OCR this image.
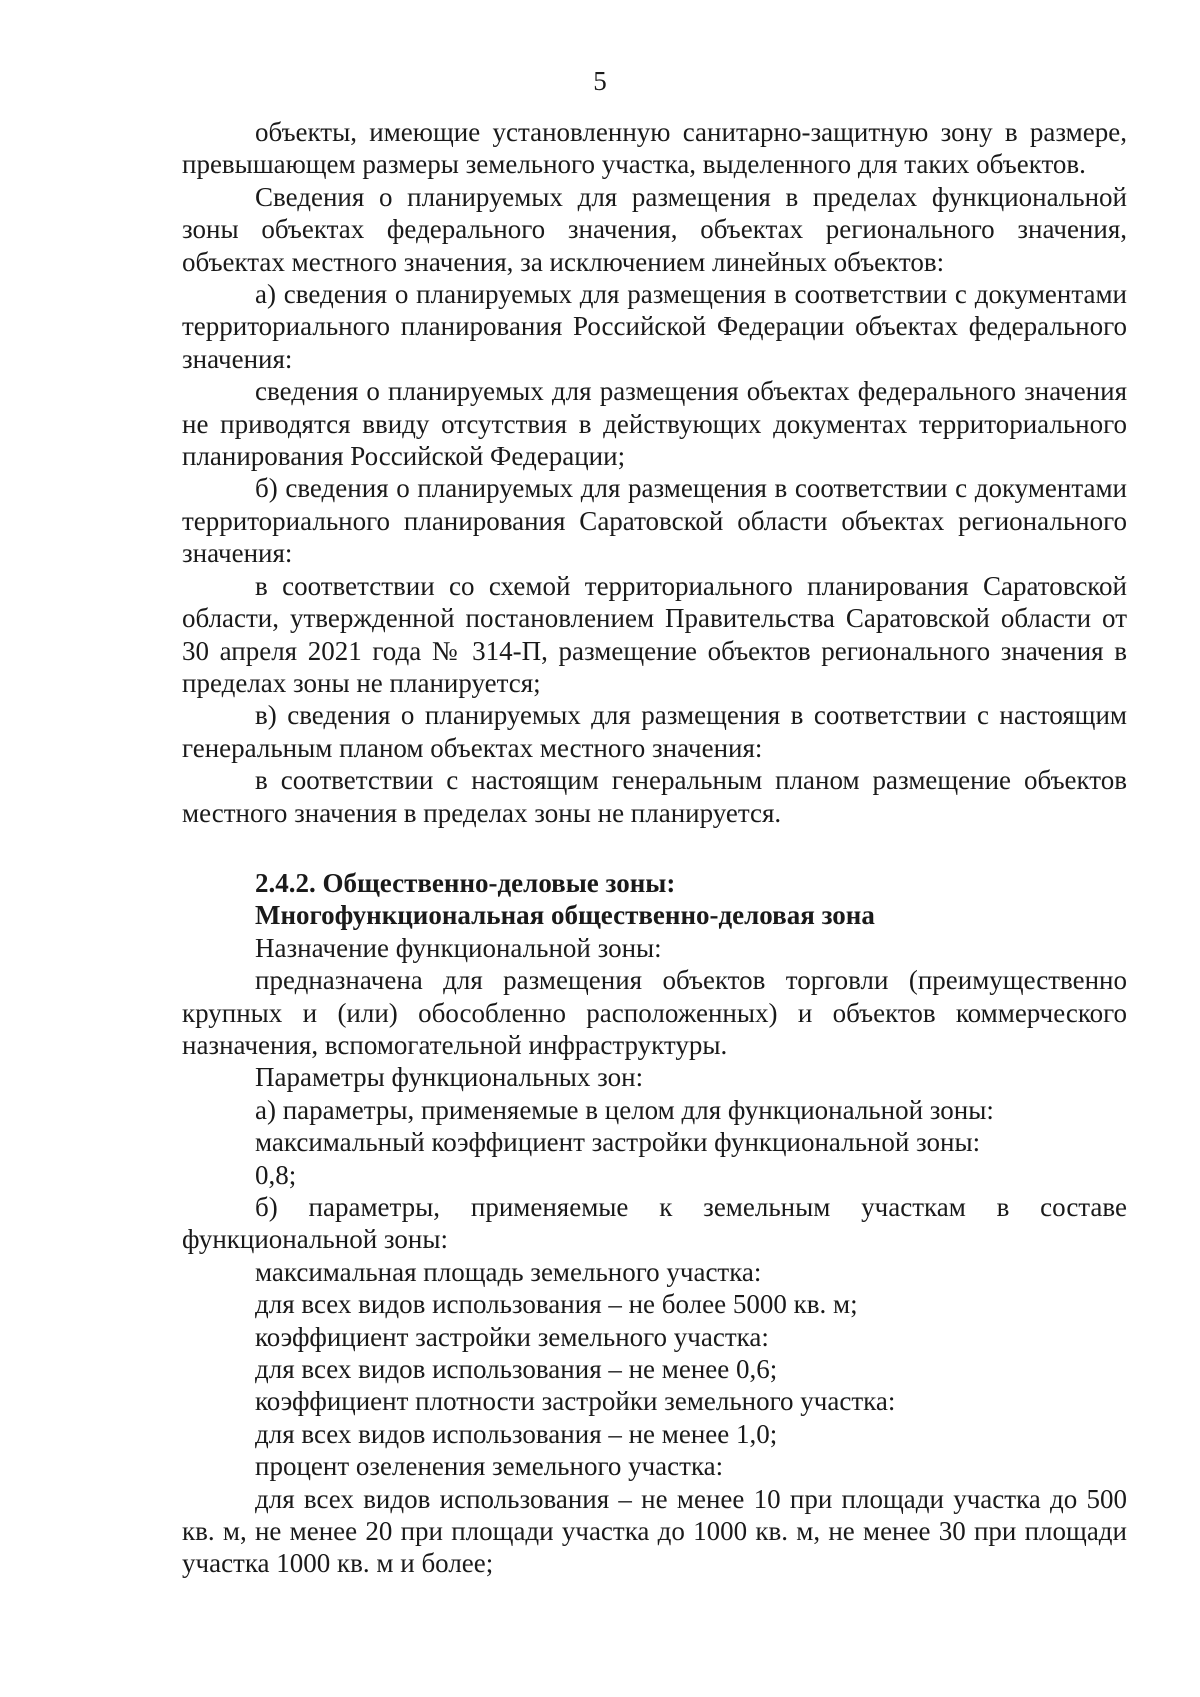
5

объекты, имеющие установленную санитарно-защитную зону в размере, превышающем размеры земельного участка, выделенного для таких объектов.

Сведения о планируемых для размещения в пределах функциональной зоны объектах федерального значения, объектах регионального значения, объектах местного значения, за исключением линейных объектов:

а) сведения о планируемых для размещения в соответствии с документами территориального планирования Российской Федерации объектах федерального значения:

сведения о планируемых для размещения объектах федерального значения не приводятся ввиду отсутствия в действующих документах территориального планирования Российской Федерации;

б) сведения о планируемых для размещения в соответствии с документами территориального планирования Саратовской области объектах регионального значения:

в соответствии со схемой территориального планирования Саратовской области, утвержденной постановлением Правительства Саратовской области от 30 апреля 2021 года № 314-П, размещение объектов регионального значения в пределах зоны не планируется;

в) сведения о планируемых для размещения в соответствии с настоящим генеральным планом объектах местного значения:

в соответствии с настоящим генеральным планом размещение объектов местного значения в пределах зоны не планируется.

2.4.2. Общественно-деловые зоны:

Многофункциональная общественно-деловая зона

Назначение функциональной зоны:

предназначена для размещения объектов торговли (преимущественно крупных и (или) обособленно расположенных) и объектов коммерческого назначения, вспомогательной инфраструктуры.

Параметры функциональных зон:

а) параметры, применяемые в целом для функциональной зоны:

максимальный коэффициент застройки функциональной зоны:

0,8;

б) параметры, применяемые к земельным участкам в составе функциональной зоны:

максимальная площадь земельного участка:

для всех видов использования – не более 5000 кв. м;

коэффициент застройки земельного участка:

для всех видов использования – не менее 0,6;

коэффициент плотности застройки земельного участка:

для всех видов использования – не менее 1,0;

процент озеленения земельного участка:

для всех видов использования – не менее 10 при площади участка до 500 кв. м, не менее 20 при площади участка до 1000 кв. м, не менее 30 при площади участка 1000 кв. м и более;
